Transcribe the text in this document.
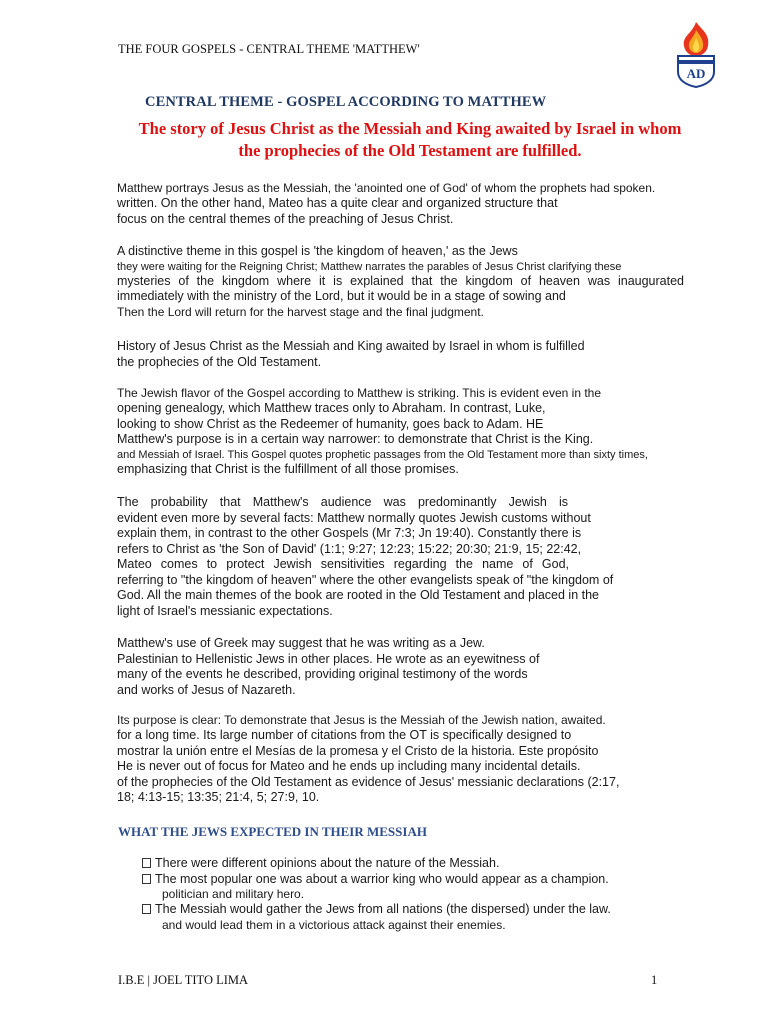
THE FOUR GOSPELS - CENTRAL THEME 'MATTHEW'
AD
CENTRAL THEME - GOSPEL ACCORDING TO MATTHEW
The story of Jesus Christ as the Messiah and King awaited by Israel in whom
the prophecies of the Old Testament are fulfilled.
Matthew portrays Jesus as the Messiah, the 'anointed one of God' of whom the prophets had spoken.
written. On the other hand, Mateo has a quite clear and organized structure that
focus on the central themes of the preaching of Jesus Christ.
A distinctive theme in this gospel is 'the kingdom of heaven,' as the Jews
they were waiting for the Reigning Christ; Matthew narrates the parables of Jesus Christ clarifying these
mysteries of the kingdom where it is explained that the kingdom of heaven was inaugurated
immediately with the ministry of the Lord, but it would be in a stage of sowing and
Then the Lord will return for the harvest stage and the final judgment.
History of Jesus Christ as the Messiah and King awaited by Israel in whom is fulfilled
the prophecies of the Old Testament.
The Jewish flavor of the Gospel according to Matthew is striking. This is evident even in the
opening genealogy, which Matthew traces only to Abraham. In contrast, Luke,
looking to show Christ as the Redeemer of humanity, goes back to Adam. HE
Matthew's purpose is in a certain way narrower: to demonstrate that Christ is the King.
and Messiah of Israel. This Gospel quotes prophetic passages from the Old Testament more than sixty times,
emphasizing that Christ is the fulfillment of all those promises.
The probability that Matthew's audience was predominantly Jewish is
evident even more by several facts: Matthew normally quotes Jewish customs without
explain them, in contrast to the other Gospels (Mr 7:3; Jn 19:40). Constantly there is
refers to Christ as 'the Son of David' (1:1; 9:27; 12:23; 15:22; 20:30; 21:9, 15; 22:42,
Mateo comes to protect Jewish sensitivities regarding the name of God,
referring to "the kingdom of heaven" where the other evangelists speak of "the kingdom of
God. All the main themes of the book are rooted in the Old Testament and placed in the
light of Israel's messianic expectations.
Matthew's use of Greek may suggest that he was writing as a Jew.
Palestinian to Hellenistic Jews in other places. He wrote as an eyewitness of
many of the events he described, providing original testimony of the words
and works of Jesus of Nazareth.
Its purpose is clear: To demonstrate that Jesus is the Messiah of the Jewish nation, awaited.
for a long time. Its large number of citations from the OT is specifically designed to
mostrar la unión entre el Mesías de la promesa y el Cristo de la historia. Este propósito
He is never out of focus for Mateo and he ends up including many incidental details.
of the prophecies of the Old Testament as evidence of Jesus' messianic declarations (2:17,
18; 4:13-15; 13:35; 21:4, 5; 27:9, 10.
WHAT THE JEWS EXPECTED IN THEIR MESSIAH
There were different opinions about the nature of the Messiah.
The most popular one was about a warrior king who would appear as a champion.
politician and military hero.
The Messiah would gather the Jews from all nations (the dispersed) under the law.
and would lead them in a victorious attack against their enemies.
I.B.E | JOEL TITO LIMA	1
